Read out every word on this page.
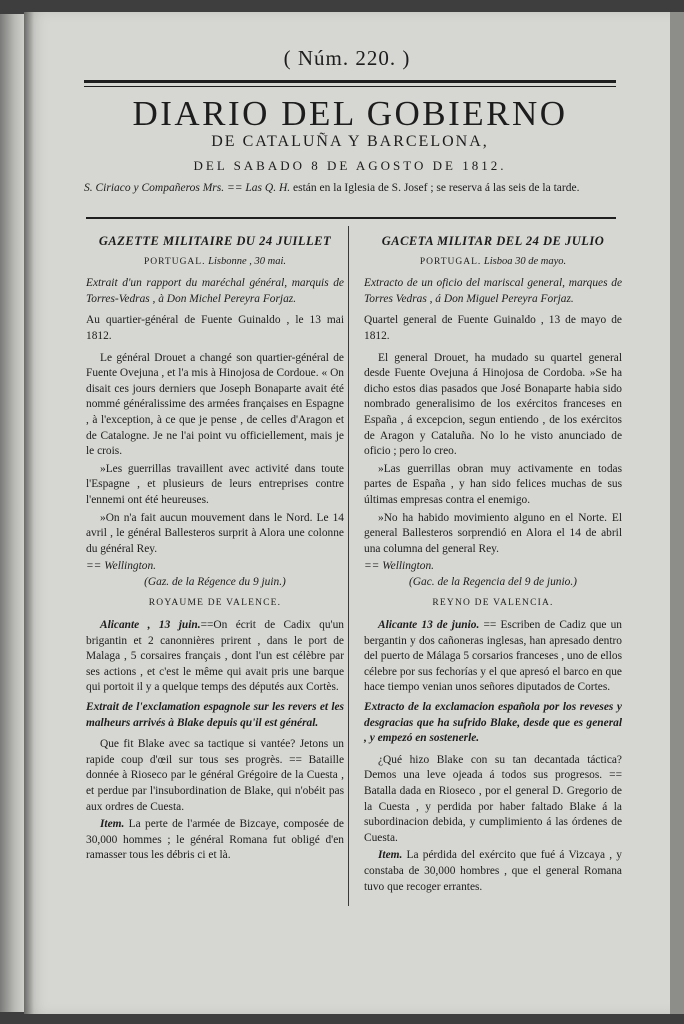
( Núm. 220. )
DIARIO DEL GOBIERNO
DE CATALUÑA Y BARCELONA,
DEL SABADO 8 DE AGOSTO DE 1812.
S. Ciriaco y Compañeros Mrs. == Las Q. H. están en la Iglesia de S. Josef ; se reserva á las seis de la tarde.
GAZETTE MILITAIRE DU 24 JUILLET
PORTUGAL. Lisbonne , 30 mai.
Extrait d'un rapport du maréchal général, marquis de Torres-Vedras , à Don Michel Pereyra Forjaz.
Au quartier-général de Fuente Guinaldo , le 13 mai 1812.

Le général Drouet a changé son quartier-général de Fuente Ovejuna , et l'a mis à Hinojosa de Cordoue. « On disait ces jours derniers que Joseph Bonaparte avait été nommé généralissime des armées françaises en Espagne , à l'exception, à ce que je pense , de celles d'Aragon et de Catalogne. Je ne l'ai point vu officiellement, mais je le crois.

»Les guerrillas travaillent avec activité dans toute l'Espagne , et plusieurs de leurs entreprises contre l'ennemi ont été heureuses.

»On n'a fait aucun mouvement dans le Nord. Le 14 avril , le général Ballesteros surprit à Alora une colonne du général Rey.

== Wellington.

(Gaz. de la Régence du 9 juin.)
ROYAUME DE VALENCE.

Alicante , 13 juin.==On écrit de Cadix qu'un brigantin et 2 canonnières prirent , dans le port de Malaga , 5 corsaires français , dont l'un est célèbre par ses actions , et c'est le même qui avait pris une barque qui portoit il y a quelque temps des députés aux Cortès.

Extrait de l'exclamation espagnole sur les revers et les malheurs arrivés à Blake depuis qu'il est général.

Que fit Blake avec sa tactique si vantée? Jetons un rapide coup d'œil sur tous ses progrès. == Bataille donnée à Rioseco par le général Grégoire de la Cuesta , et perdue par l'insubordination de Blake, qui n'obéit pas aux ordres de Cuesta.

Item. La perte de l'armée de Bizcaye, composée de 30,000 hommes ; le général Romana fut obligé d'en ramasser tous les débris ci et là.

GACETA MILITAR DEL 24 DE JULIO
PORTUGAL. Lisboa 30 de mayo.
Extracto de un oficio del mariscal general, marques de Torres Vedras , á Don Miguel Pereyra Forjaz.
Quartel general de Fuente Guinaldo , 13 de mayo de 1812.

El general Drouet, ha mudado su quartel general desde Fuente Ovejuna á Hinojosa de Cordoba. »Se ha dicho estos dias pasados que José Bonaparte habia sido nombrado generalisimo de los exércitos franceses en España , á excepcion, segun entiendo , de los exércitos de Aragon y Cataluña. No lo he visto anunciado de oficio ; pero lo creo.

»Las guerrillas obran muy activamente en todas partes de España , y han sido felices muchas de sus últimas empresas contra el enemigo.

»No ha habido movimiento alguno en el Norte. El general Ballesteros sorprendió en Alora el 14 de abril una columna del general Rey.

== Wellington.

(Gac. de la Regencia del 9 de junio.)
REYNO DE VALENCIA.

Alicante 13 de junio. == Escriben de Cadiz que un bergantin y dos cañoneras inglesas, han apresado dentro del puerto de Málaga 5 corsarios franceses , uno de ellos célebre por sus fechorías y el que apresó el barco en que hace tiempo venian unos señores diputados de Cortes.

Extracto de la exclamacion española por los reveses y desgracias que ha sufrido Blake, desde que es general , y empezó en sostenerle.

¿Qué hizo Blake con su tan decantada táctica? Demos una leve ojeada á todos sus progresos. == Batalla dada en Rioseco , por el general D. Gregorio de la Cuesta , y perdida por haber faltado Blake á la subordinacion debida, y cumplimiento á las órdenes de Cuesta.

Item. La pérdida del exército que fué á Vizcaya , y constaba de 30,000 hombres , que el general Romana tuvo que recoger errantes.
